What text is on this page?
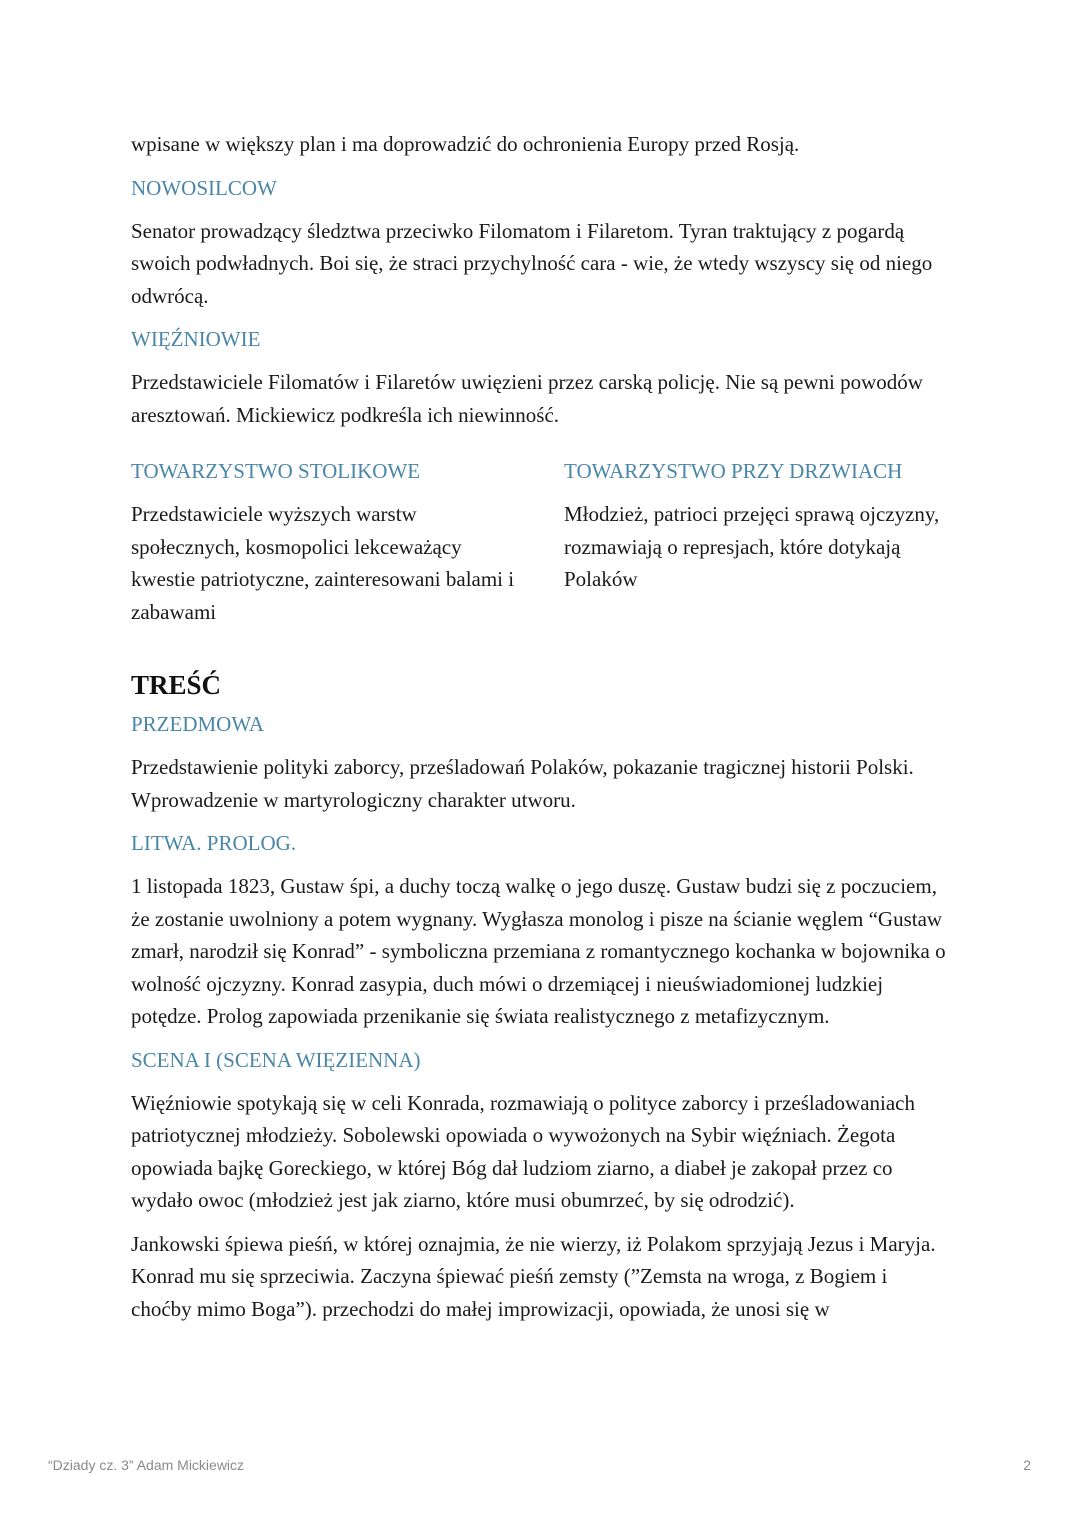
wpisane w większy plan i ma doprowadzić do ochronienia Europy przed Rosją.

NOWOSILCOW

Senator prowadzący śledztwa przeciwko Filomatom i Filaretom. Tyran traktujący z pogardą swoich podwładnych. Boi się, że straci przychylność cara - wie, że wtedy wszyscy się od niego odwrócą.

WIĘŹNIOWIE

Przedstawiciele Filomatów i Filaretów uwięzieni przez carską policję. Nie są pewni powodów aresztowań. Mickiewicz podkreśla ich niewinność.

TOWARZYSTWO STOLIKOWE

Przedstawiciele wyższych warstw społecznych, kosmopolici lekceważący kwestie patriotyczne, zainteresowani balami i zabawami

TOWARZYSTWO PRZY DRZWIACH

Młodzież, patrioci przejęci sprawą ojczyzny, rozmawiają o represjach, które dotykają Polaków

TREŚĆ
PRZEDMOWA

Przedstawienie polityki zaborcy, prześladowań Polaków, pokazanie tragicznej historii Polski. Wprowadzenie w martyrologiczny charakter utworu.

LITWA. PROLOG.

1 listopada 1823, Gustaw śpi, a duchy toczą walkę o jego duszę. Gustaw budzi się z poczuciem, że zostanie uwolniony a potem wygnany. Wygłasza monolog i pisze na ścianie węglem “Gustaw zmarł, narodził się Konrad” - symboliczna przemiana z romantycznego kochanka w bojownika o wolność ojczyzny. Konrad zasypia, duch mówi o drzemiącej i nieuświadomionej ludzkiej potędze. Prolog zapowiada przenikanie się świata realistycznego z metafizycznym.

SCENA I (SCENA WIĘZIENNA)

Więźniowie spotykają się w celi Konrada, rozmawiają o polityce zaborcy i prześladowaniach patriotycznej młodzieży. Sobolewski opowiada o wywożonych na Sybir więźniach. Żegota opowiada bajkę Goreckiego, w której Bóg dał ludziom ziarno, a diabeł je zakopał przez co wydało owoc (młodzież jest jak ziarno, które musi obumrzeć, by się odrodzić).

Jankowski śpiewa pieśń, w której oznajmia, że nie wierzy, iż Polakom sprzyjają Jezus i Maryja. Konrad mu się sprzeciwia. Zaczyna śpiewać pieśń zemsty (”Zemsta na wroga, z Bogiem i choćby mimo Boga”). przechodzi do małej improwizacji, opowiada, że unosi się w

“Dziady cz. 3” Adam Mickiewicz	2
